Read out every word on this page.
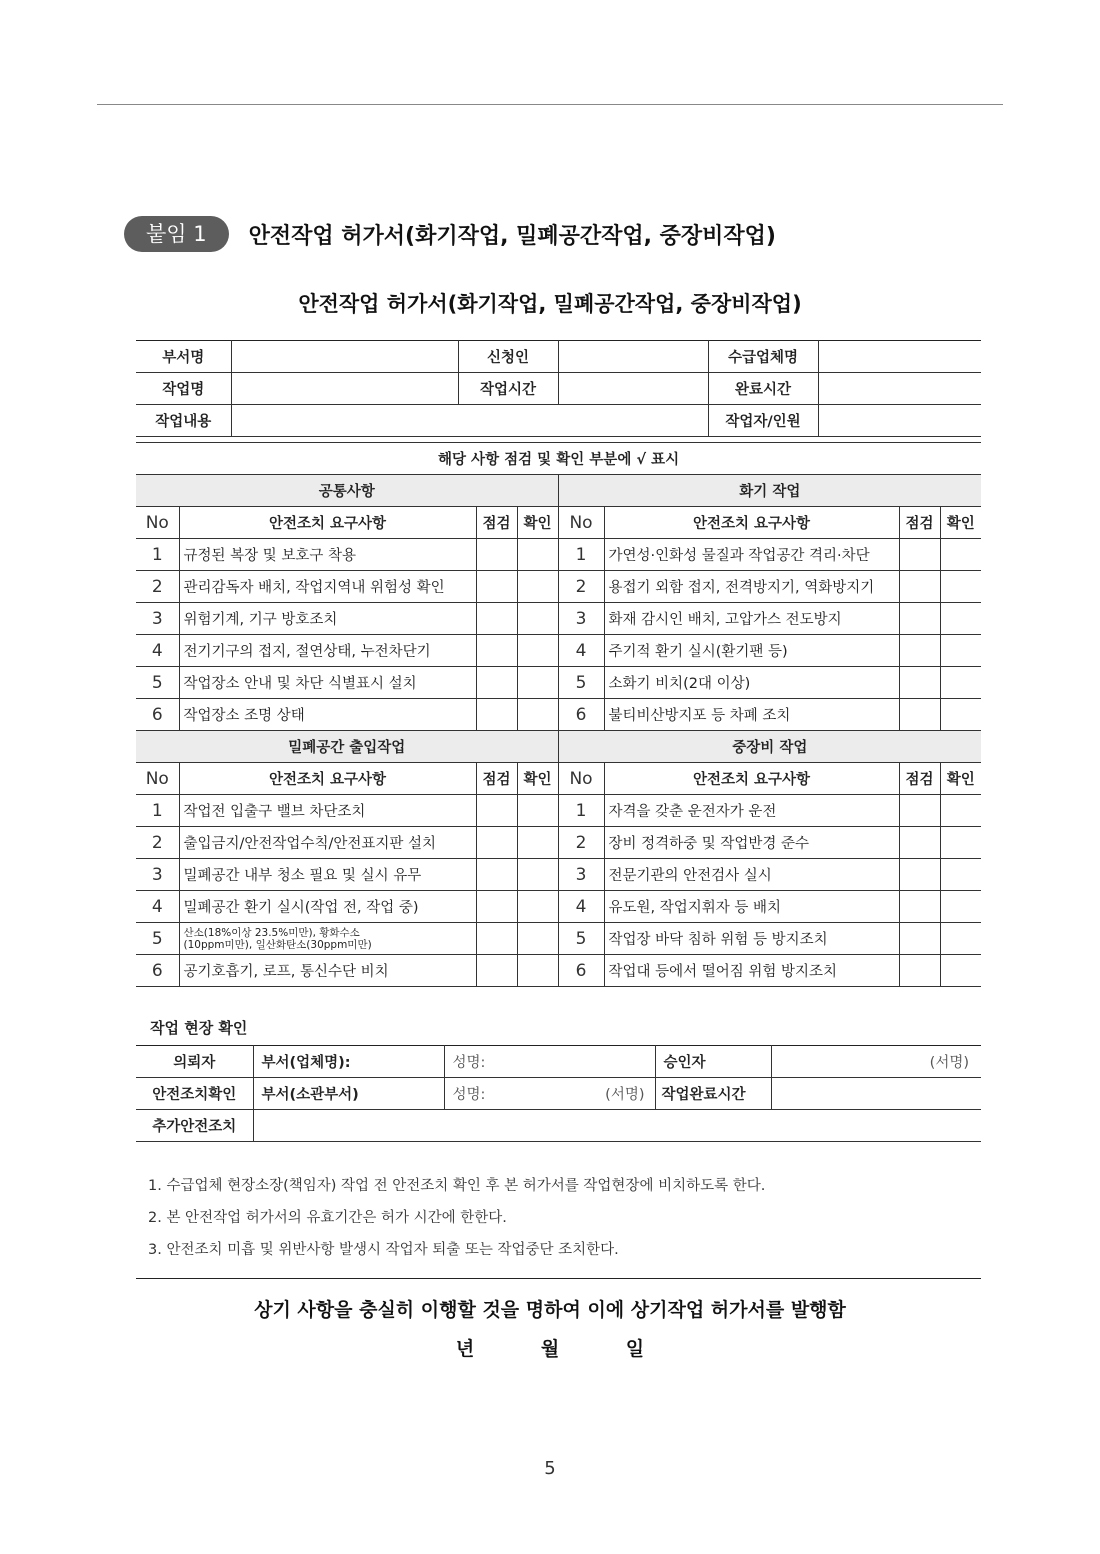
붙임 1	안전작업 허가서(화기작업, 밀폐공간작업, 중장비작업)
안전작업 허가서(화기작업, 밀폐공간작업, 중장비작업)
부서명		신청인		수급업체명	
작업명		작업시간		완료시간	
작업내용				작업자/인원	
해당 사항 점검 및 확인 부분에 √ 표시							
공통사항				화기 작업			
No	안전조치 요구사항	점검	확인	No	안전조치 요구사항	점검	확인
1	규정된 복장 및 보호구 착용			1	가연성·인화성 물질과 작업공간 격리·차단		
2	관리감독자 배치, 작업지역내 위험성 확인			2	용접기 외함 접지, 전격방지기, 역화방지기		
3	위험기계, 기구 방호조치			3	화재 감시인 배치, 고압가스 전도방지		
4	전기기구의 접지, 절연상태, 누전차단기			4	주기적 환기 실시(환기팬 등)		
5	작업장소 안내 및 차단 식별표시 설치			5	소화기 비치(2대 이상)		
6	작업장소 조명 상태			6	불티비산방지포 등 차폐 조치		
밀폐공간 출입작업				중장비 작업			
No	안전조치 요구사항	점검	확인	No	안전조치 요구사항	점검	확인
1	작업전 입출구 밸브 차단조치			1	자격을 갖춘 운전자가 운전		
2	출입금지/안전작업수칙/안전표지판 설치			2	장비 정격하중 및 작업반경 준수		
3	밀폐공간 내부 청소 필요 및 실시 유무			3	전문기관의 안전검사 실시		
4	밀폐공간 환기 실시(작업 전, 작업 중)			4	유도원, 작업지휘자 등 배치		
5	산소(18%이상 23.5%미만), 황화수소
(10ppm미만), 일산화탄소(30ppm미만)			5	작업장 바닥 침하 위험 등 방지조치		
6	공기호흡기, 로프, 통신수단 비치			6	작업대 등에서 떨어짐 위험 방지조치		
작업 현장 확인				
의뢰자	부서(업체명):	성명:	승인자	(서명)
안전조치확인	부서(소관부서)	성명: (서명)	작업완료시간	
추가안전조치				
1. 수급업체 현장소장(책임자) 작업 전 안전조치 확인 후 본 허가서를 작업현장에 비치하도록 한다.
2. 본 안전작업 허가서의 유효기간은 허가 시간에 한한다.
3. 안전조치 미흡 및 위반사항 발생시 작업자 퇴출 또는 작업중단 조치한다.
상기 사항을 충실히 이행할 것을 명하여 이에 상기작업 허가서를 발행함
년	월	일
5
